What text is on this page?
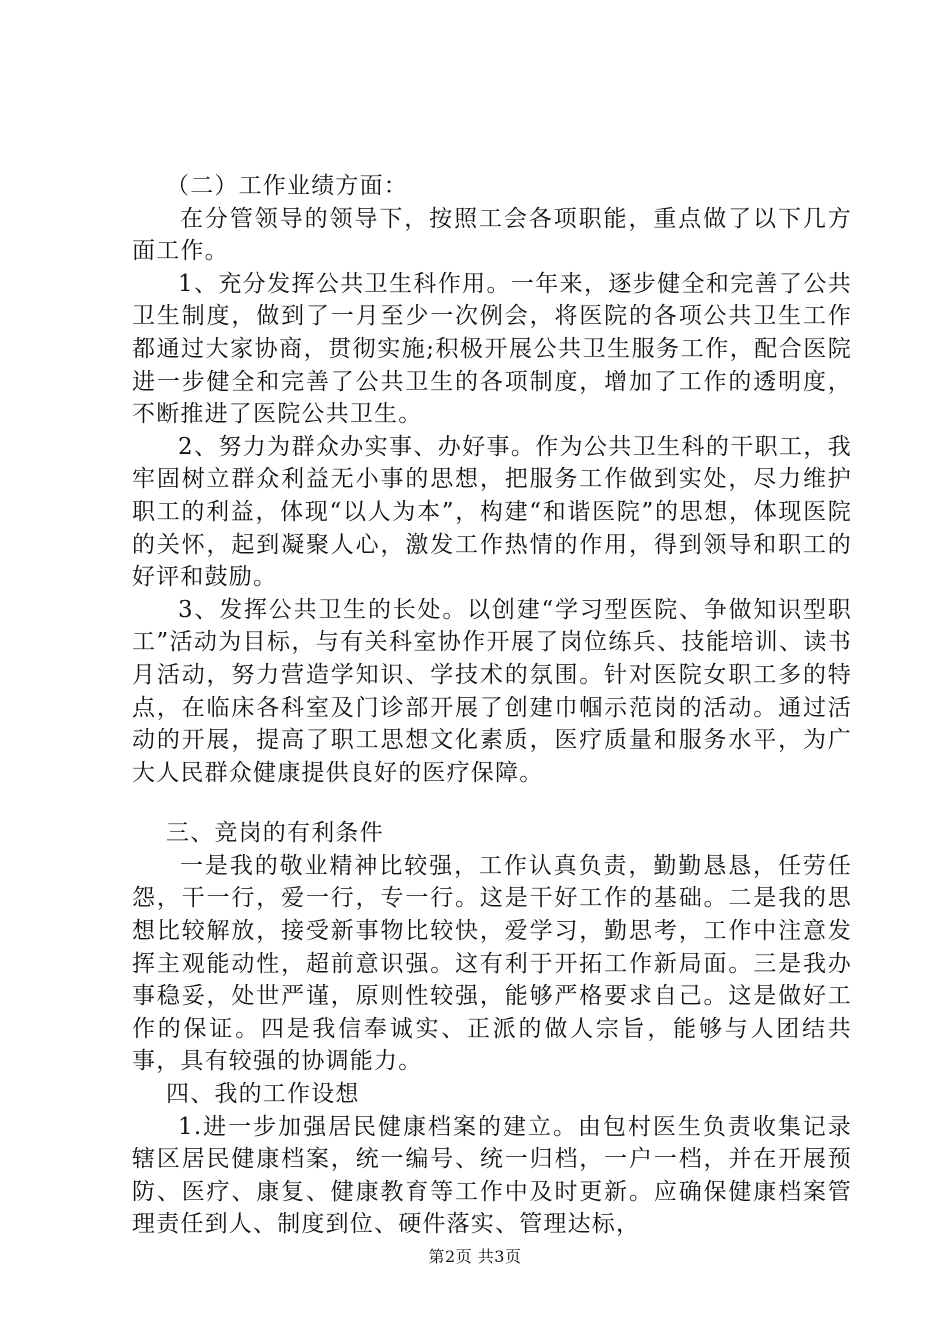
（二）工作业绩方面：
在分管领导的领导下，按照工会各项职能，重点做了以下几方面工作。
1、充分发挥公共卫生科作用。一年来，逐步健全和完善了公共卫生制度，做到了一月至少一次例会，将医院的各项公共卫生工作都通过大家协商，贯彻实施;积极开展公共卫生服务工作，配合医院进一步健全和完善了公共卫生的各项制度，增加了工作的透明度，不断推进了医院公共卫生。
2、努力为群众办实事、办好事。作为公共卫生科的干职工，我牢固树立群众利益无小事的思想，把服务工作做到实处，尽力维护职工的利益，体现“以人为本”，构建“和谐医院”的思想，体现医院的关怀，起到凝聚人心，激发工作热情的作用，得到领导和职工的好评和鼓励。
3、发挥公共卫生的长处。以创建“学习型医院、争做知识型职工”活动为目标，与有关科室协作开展了岗位练兵、技能培训、读书月活动，努力营造学知识、学技术的氛围。针对医院女职工多的特点，在临床各科室及门诊部开展了创建巾帼示范岗的活动。通过活动的开展，提高了职工思想文化素质，医疗质量和服务水平，为广大人民群众健康提供良好的医疗保障。
三、竞岗的有利条件
一是我的敬业精神比较强，工作认真负责，勤勤恳恳，任劳任怨，干一行，爱一行，专一行。这是干好工作的基础。二是我的思想比较解放，接受新事物比较快，爱学习，勤思考，工作中注意发挥主观能动性，超前意识强。这有利于开拓工作新局面。三是我办事稳妥，处世严谨，原则性较强，能够严格要求自己。这是做好工作的保证。四是我信奉诚实、正派的做人宗旨，能够与人团结共事，具有较强的协调能力。
四、我的工作设想
1.进一步加强居民健康档案的建立。由包村医生负责收集记录辖区居民健康档案，统一编号、统一归档，一户一档，并在开展预防、医疗、康复、健康教育等工作中及时更新。应确保健康档案管理责任到人、制度到位、硬件落实、管理达标，
第2页 共3页
